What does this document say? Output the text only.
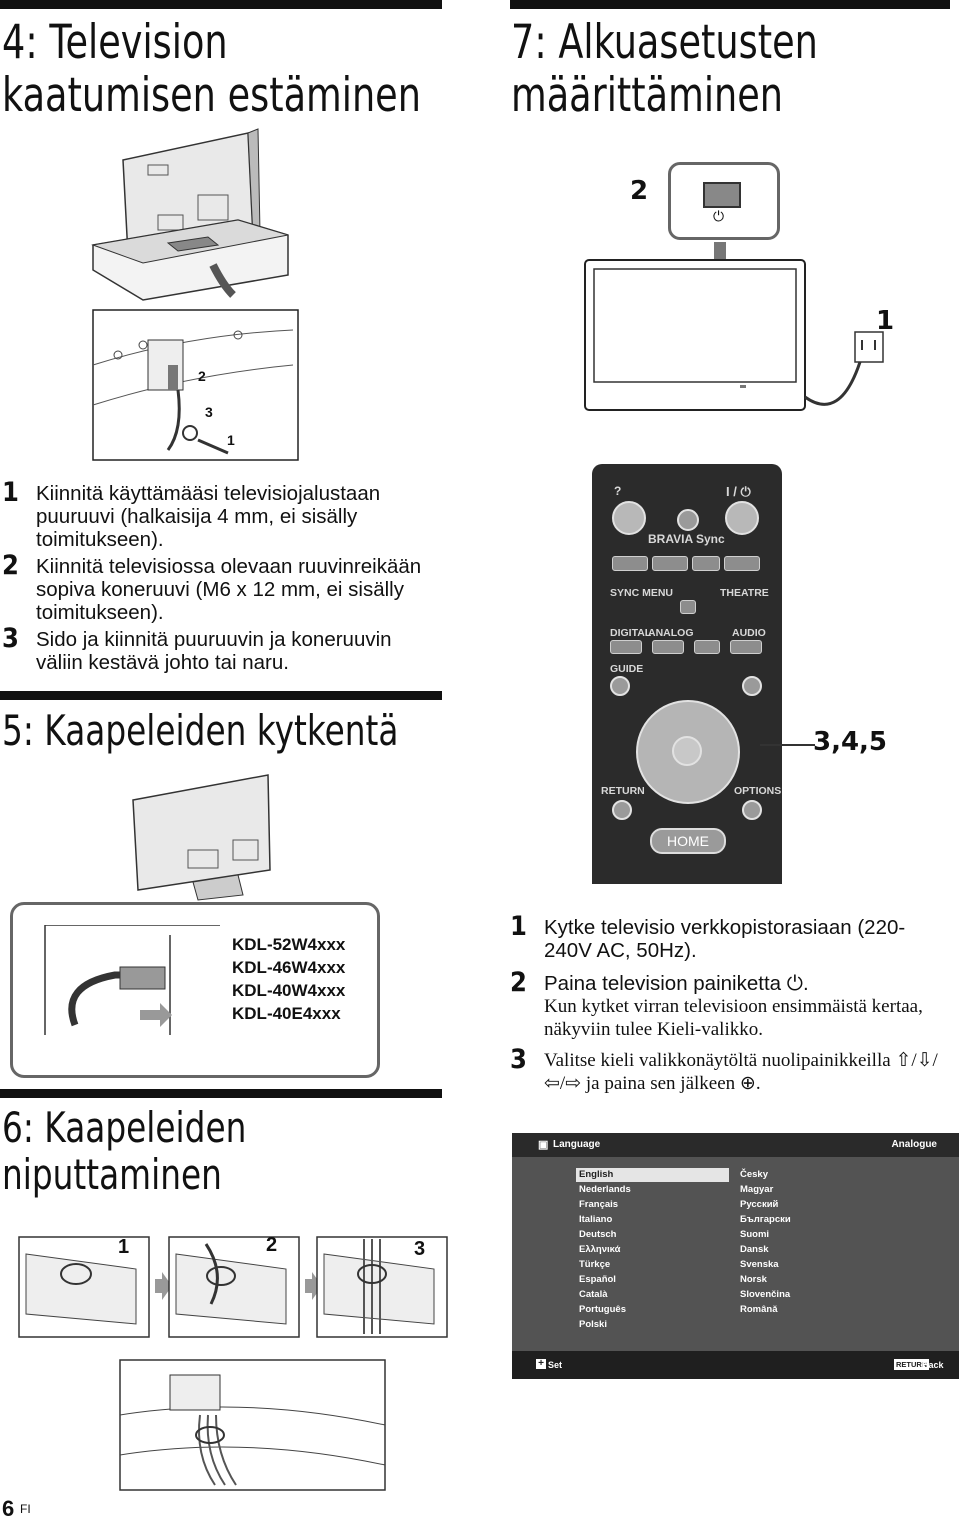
4: Television
kaatumisen estäminen
2
3
1
1 Kiinnitä käyttämääsi televisiojalustaan puuruuvi (halkaisija 4 mm, ei sisälly toimitukseen).
2 Kiinnitä televisiossa olevaan ruuvinreikään sopiva koneruuvi (M6 x 12 mm, ei sisälly toimitukseen).
3 Sido ja kiinnitä puuruuvin ja koneruuvin väliin kestävä johto tai naru.
5: Kaapeleiden kytkentä
KDL-52W4xxx
KDL-46W4xxx
KDL-40W4xxx
KDL-40E4xxx
6: Kaapeleiden
niputtaminen
1	2	3
6 FI
7: Alkuasetusten
määrittäminen
⏻
2
1
?	I / ⏻
BRAVIA Sync
SYNC MENU	THEATRE
DIGITAL
ANALOG	AUDIO
GUIDE
RETURN	OPTIONS
HOME
3,4,5
1 Kytke televisio verkkopistorasiaan (220-240V AC, 50Hz).
2 Paina television painiketta ⏻.
Kun kytket virran televisioon ensimmäistä kertaa, näkyviin tulee Kieli-valikko.
3 Valitse kieli valikkonäytöltä nuolipainikkeilla ⇧/⇩/⇦/⇨ ja paina sen jälkeen ⊕.
▣ Language	Analogue
English
Nederlands
Français
Italiano
Deutsch
Ελληνικά
Türkçe
Español
Català
Português
Polski
Česky
Magyar
Русский
Български
Suomi
Dansk
Svenska
Norsk
Slovenčina
Română
+ Set	RETURN
Back
